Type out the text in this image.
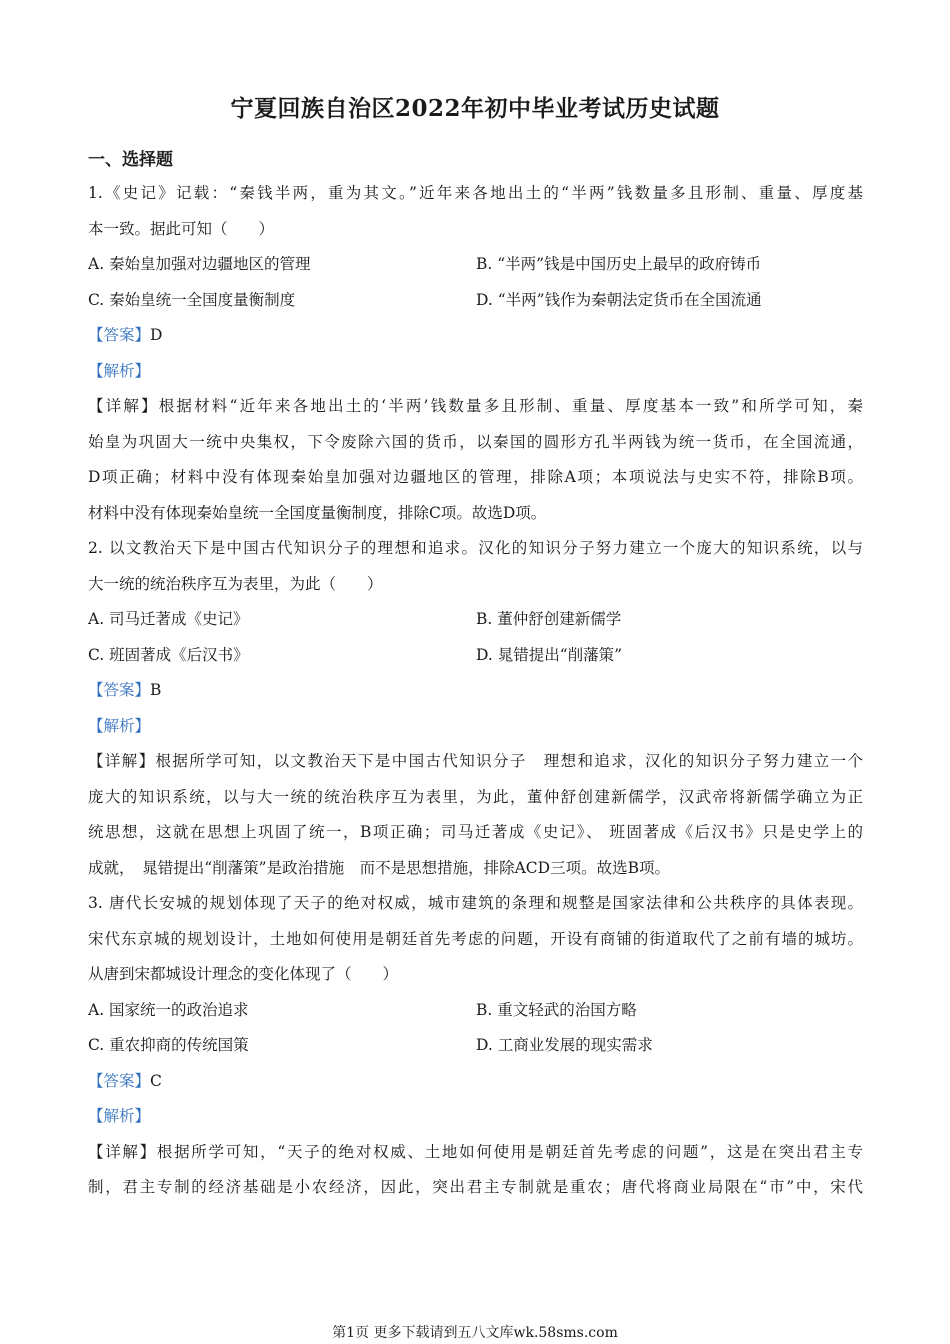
宁夏回族自治区2022年初中毕业考试历史试题
一、选择题
1.《史记》记载：“秦钱半两，重为其文。”近年来各地出土的“半两”钱数量多且形制、重量、厚度基
本一致。据此可知（　　）
A. 秦始皇加强对边疆地区的管理	B. “半两”钱是中国历史上最早的政府铸币
C. 秦始皇统一全国度量衡制度	D. “半两”钱作为秦朝法定货币在全国流通
【答案】D
【解析】
【详解】根据材料“近年来各地出土的‘半两’钱数量多且形制、重量、厚度基本一致”和所学可知，秦
始皇为巩固大一统中央集权，下令废除六国的货币，以秦国的圆形方孔半两钱为统一货币，在全国流通，
D项正确；材料中没有体现秦始皇加强对边疆地区的管理，排除A项；本项说法与史实不符，排除B项。
材料中没有体现秦始皇统一全国度量衡制度，排除C项。故选D项。
2. 以文教治天下是中国古代知识分子的理想和追求。汉化的知识分子努力建立一个庞大的知识系统，以与
大一统的统治秩序互为表里，为此（　　）
A. 司马迁著成《史记》	B. 董仲舒创建新儒学
C. 班固著成《后汉书》	D. 晁错提出“削藩策”
【答案】B
【解析】
【详解】根据所学可知，以文教治天下是中国古代知识分子　理想和追求，汉化的知识分子努力建立一个
庞大的知识系统，以与大一统的统治秩序互为表里，为此，董仲舒创建新儒学，汉武帝将新儒学确立为正
统思想，这就在思想上巩固了统一，B项正确；司马迁著成《史记》、 班固著成《后汉书》只是史学上的
成就，　晁错提出“削藩策”是政治措施　而不是思想措施，排除ACD三项。故选B项。
3. 唐代长安城的规划体现了天子的绝对权威，城市建筑的条理和规整是国家法律和公共秩序的具体表现。
宋代东京城的规划设计，土地如何使用是朝廷首先考虑的问题，开设有商铺的街道取代了之前有墙的城坊。
从唐到宋都城设计理念的变化体现了（　　）
A. 国家统一的政治追求	B. 重文轻武的治国方略
C. 重农抑商的传统国策	D. 工商业发展的现实需求
【答案】C
【解析】
【详解】根据所学可知，“天子的绝对权威、土地如何使用是朝廷首先考虑的问题”，这是在突出君主专
制，君主专制的经济基础是小农经济，因此，突出君主专制就是重农；唐代将商业局限在“市”中，宋代
第1页 更多下载请到五八文库wk.58sms.com
